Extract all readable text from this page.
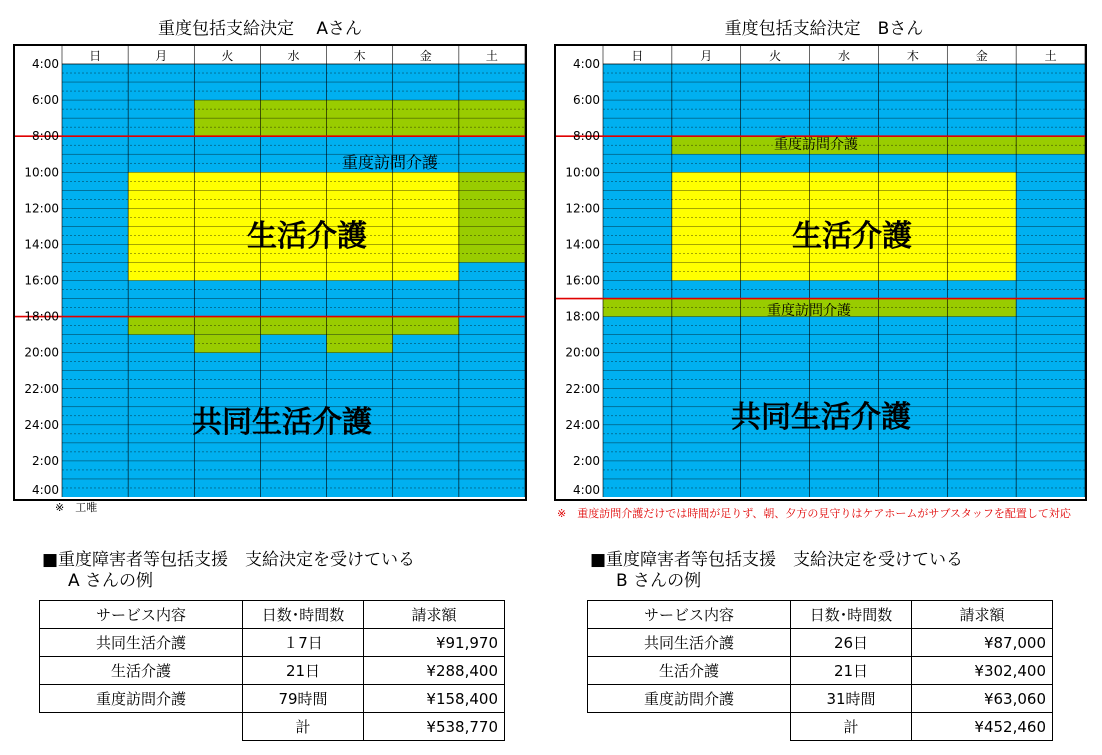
重度包括支給決定　 Aさん
日	月	火	水	木	金	土
4:00
6:00
8:00
10:00
12:00
14:00
16:00
18:00
20:00
22:00
24:00
2:00
4:00
重度訪問介護
生活介護
共同生活介護
※　工唯
■重度障害者等包括支援　支給決定を受けている
A さんの例
サービス内容	日数･時間数	請求額
共同生活介護	１7日	¥91,970
生活介護	21日	¥288,400
重度訪問介護	79時間	¥158,400
	計	¥538,770
重度包括支給決定　Bさん
日	月	火	水	木	金	土
4:00
6:00
8:00
10:00
12:00
14:00
16:00
18:00
20:00
22:00
24:00
2:00
4:00
重度訪問介護
生活介護
重度訪問介護
共同生活介護
※　重度訪問介護だけでは時間が足りず、朝、夕方の見守りはケアホームがサブスタッフを配置して対応
■重度障害者等包括支援　支給決定を受けている
B さんの例
サービス内容	日数･時間数	請求額
共同生活介護	26日	¥87,000
生活介護	21日	¥302,400
重度訪問介護	31時間	¥63,060
	計	¥452,460
